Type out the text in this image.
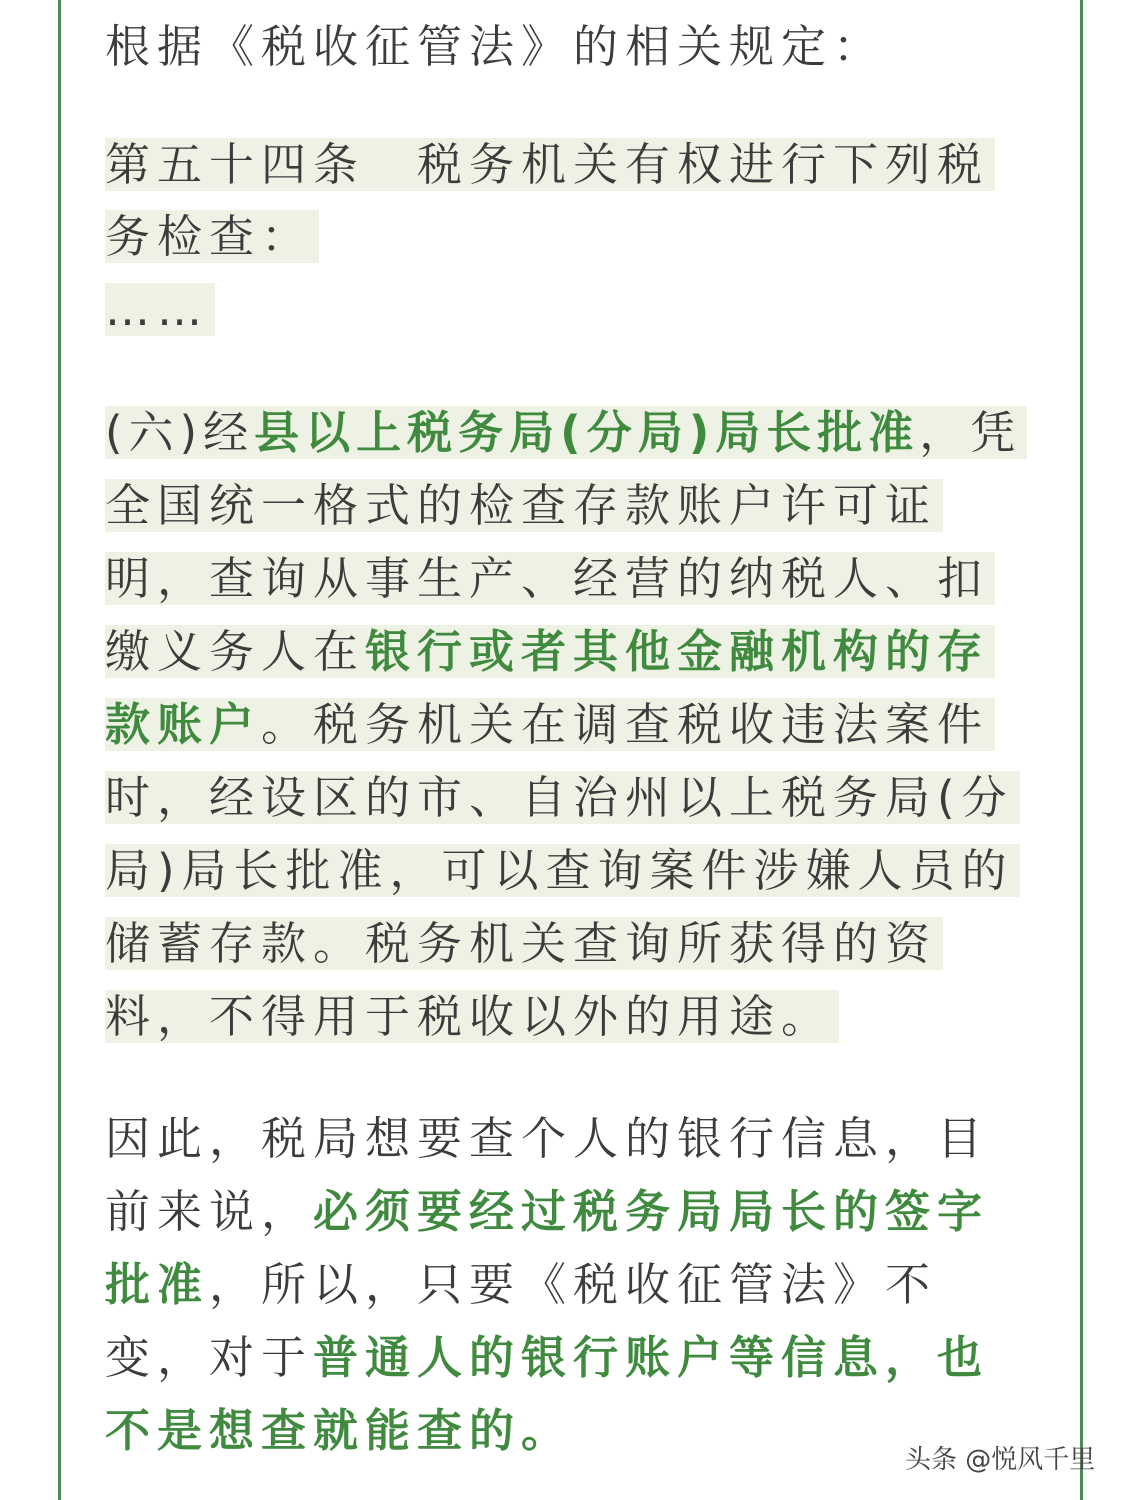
根据《税收征管法》的相关规定：
第五十四条　税务机关有权进行下列税
务检查：
……
(六)经县以上税务局(分局)局长批准，凭
全国统一格式的检查存款账户许可证
明，查询从事生产、经营的纳税人、扣
缴义务人在银行或者其他金融机构的存
款账户。税务机关在调查税收违法案件
时，经设区的市、自治州以上税务局(分
局)局长批准，可以查询案件涉嫌人员的
储蓄存款。税务机关查询所获得的资
料，不得用于税收以外的用途。
因此，税局想要查个人的银行信息，目
前来说，必须要经过税务局局长的签字
批准，所以，只要《税收征管法》不
变，对于普通人的银行账户等信息，也
不是想查就能查的。
头条 @悦风千里
